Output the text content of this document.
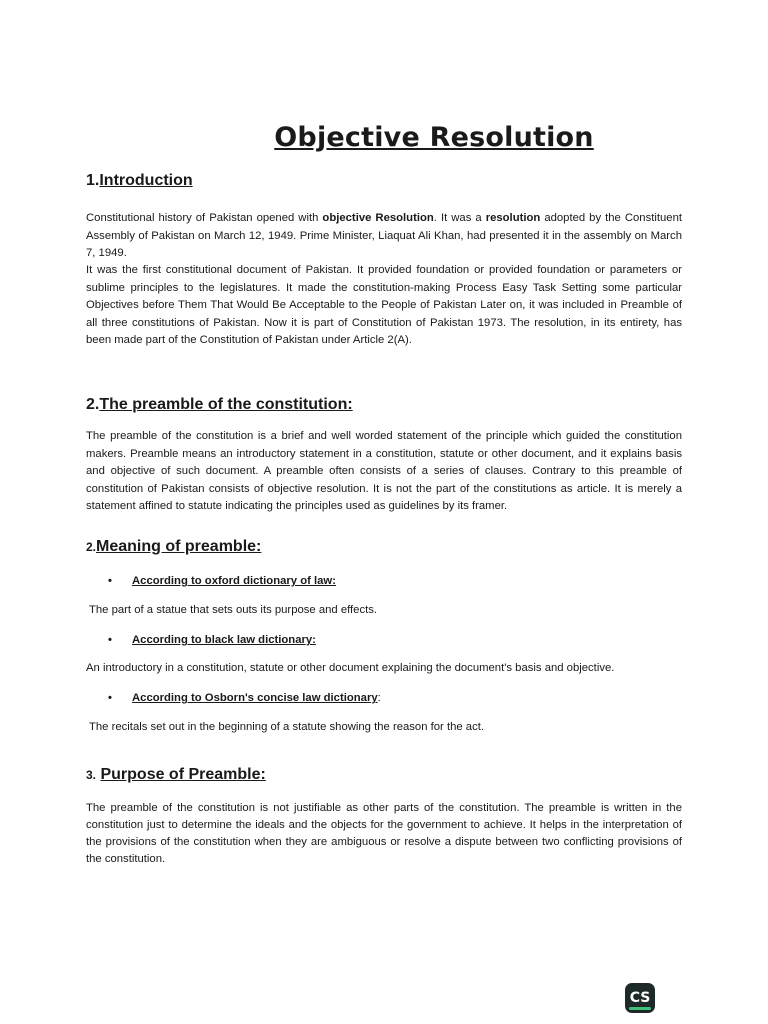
Objective Resolution
1.Introduction

Constitutional history of Pakistan opened with objective Resolution. It was a resolution adopted by the Constituent Assembly of Pakistan on March 12, 1949. Prime Minister, Liaquat Ali Khan, had presented it in the assembly on March 7, 1949.

It was the first constitutional document of Pakistan. It provided foundation or provided foundation or parameters or sublime principles to the legislatures. It made the constitution-making Process Easy Task Setting some particular Objectives before Them That Would Be Acceptable to the People of Pakistan Later on, it was included in Preamble of all three constitutions of Pakistan. Now it is part of Constitution of Pakistan 1973. The resolution, in its entirety, has been made part of the Constitution of Pakistan under Article 2(A).

2.The preamble of the constitution:

The preamble of the constitution is a brief and well worded statement of the principle which guided the constitution makers. Preamble means an introductory statement in a constitution, statute or other document, and it explains basis and objective of such document. A preamble often consists of a series of clauses. Contrary to this preamble of constitution of Pakistan consists of objective resolution. It is not the part of the constitutions as article. It is merely a statement affined to statute indicating the principles used as guidelines by its framer.

2.Meaning of preamble:
• According to oxford dictionary of law:

The part of a statue that sets outs its purpose and effects.

• According to black law dictionary:

An introductory in a constitution, statute or other document explaining the document's basis and objective.

• According to Osborn's concise law dictionary:

The recitals set out in the beginning of a statute showing the reason for the act.

3. Purpose of Preamble:

The preamble of the constitution is not justifiable as other parts of the constitution. The preamble is written in the constitution just to determine the ideals and the objects for the government to achieve. It helps in the interpretation of the provisions of the constitution when they are ambiguous or resolve a dispute between two conflicting provisions of the constitution.

CS
